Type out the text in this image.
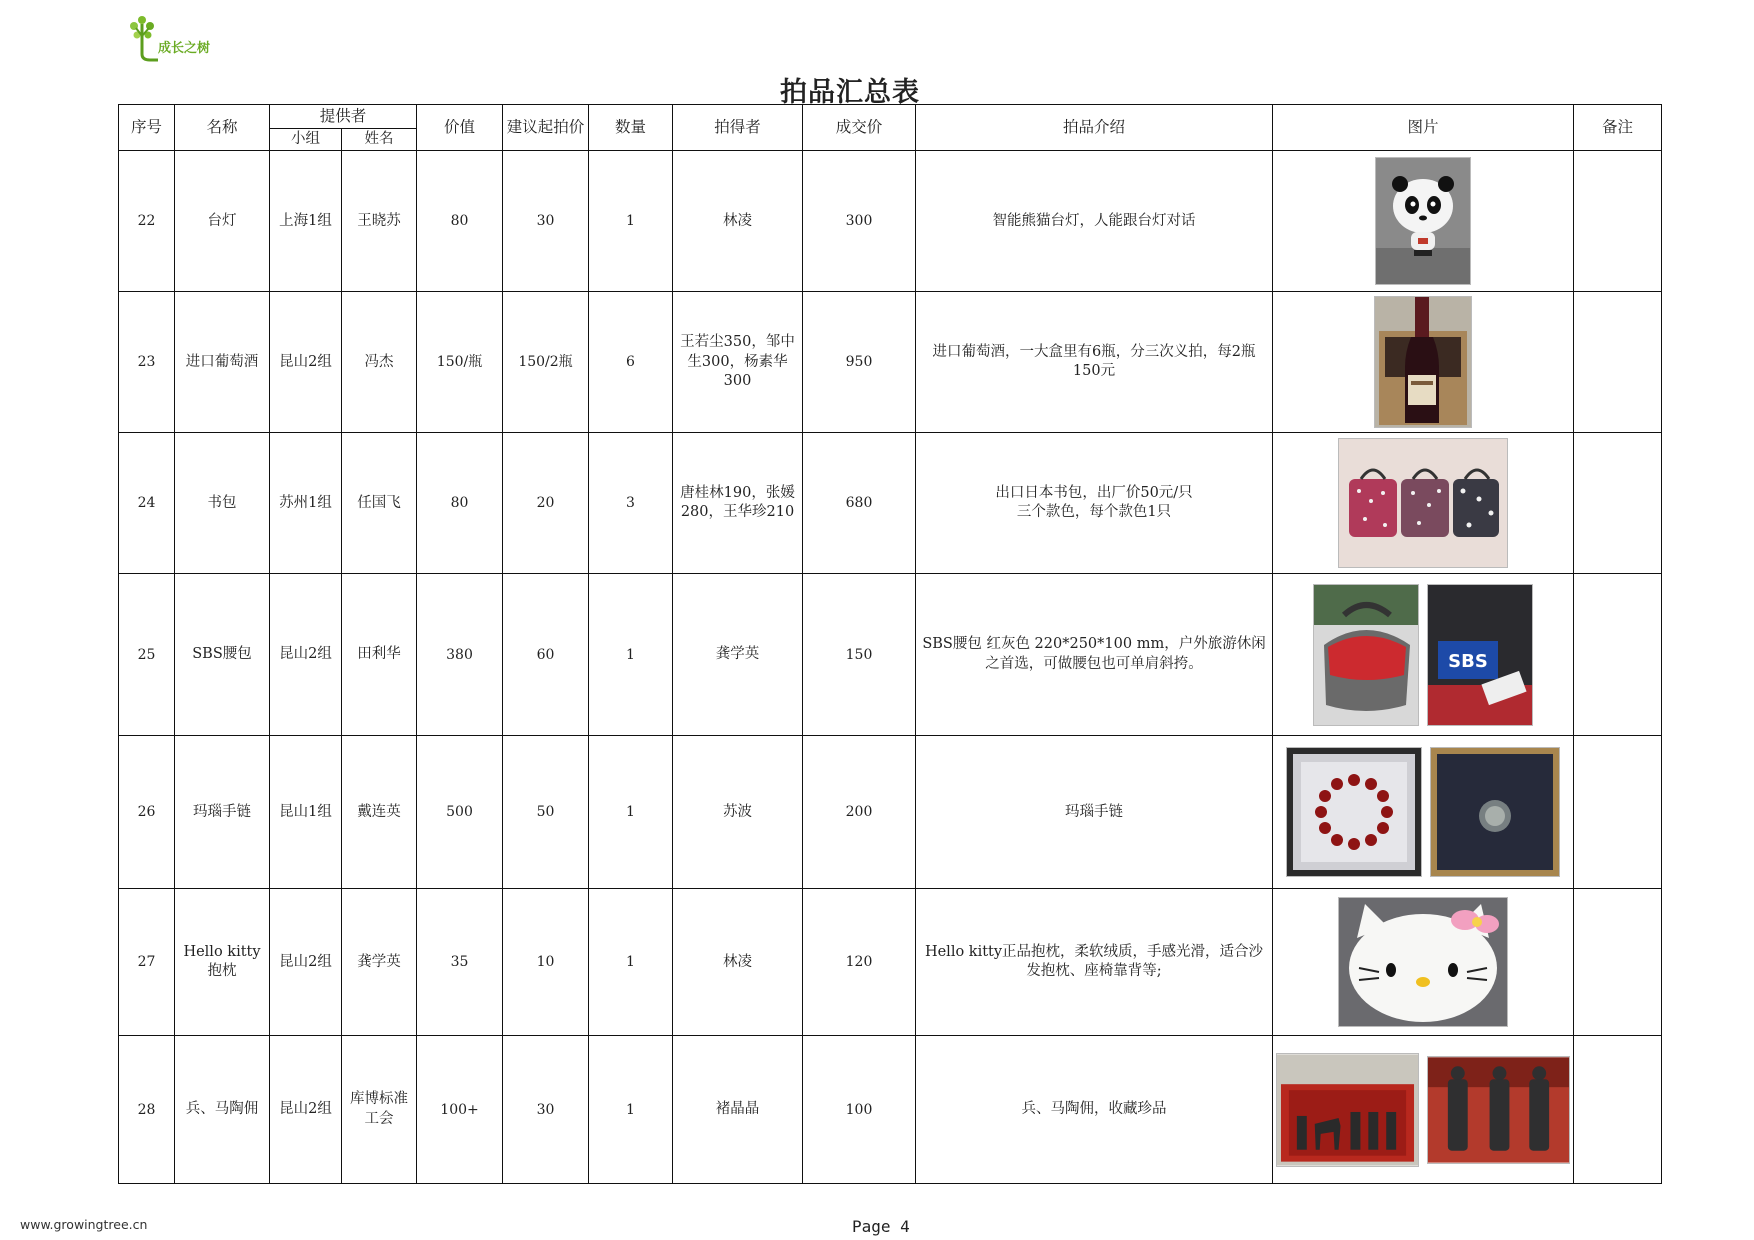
成长之树
拍品汇总表
序号	名称	提供者		价值	建议起拍价	数量	拍得者	成交价	拍品介绍	图片	备注
		小组	姓名								
22	台灯	上海1组	王晓苏	80	30	1	林凌	300	智能熊猫台灯，人能跟台灯对话	

23	进口葡萄酒	昆山2组	冯杰	150/瓶	150/2瓶	6	王若尘350，邹中生300，杨素华300	950	进口葡萄酒，一大盒里有6瓶，分三次义拍，每2瓶150元	

24	书包	苏州1组	任国飞	80	20	3	唐桂林190，张媛280，王华珍210	680	出口日本书包，出厂价50元/只
三个款色，每个款色1只	

25	SBS腰包	昆山2组	田利华	380	60	1	龚学英	150	SBS腰包 红灰色 220*250*100 mm，户外旅游休闲之首选，可做腰包也可单肩斜挎。	SBS	

26	玛瑙手链	昆山1组	戴连英	500	50	1	苏波	200	玛瑙手链	

27	Hello kitty抱枕	昆山2组	龚学英	35	10	1	林凌	120	Hello kitty正品抱枕，柔软绒质，手感光滑，适合沙发抱枕、座椅靠背等;	

28	兵、马陶佣	昆山2组	库博标准工会	100+	30	1	褚晶晶	100	兵、马陶佣，收藏珍品	

www.growingtree.cn	Page 4
